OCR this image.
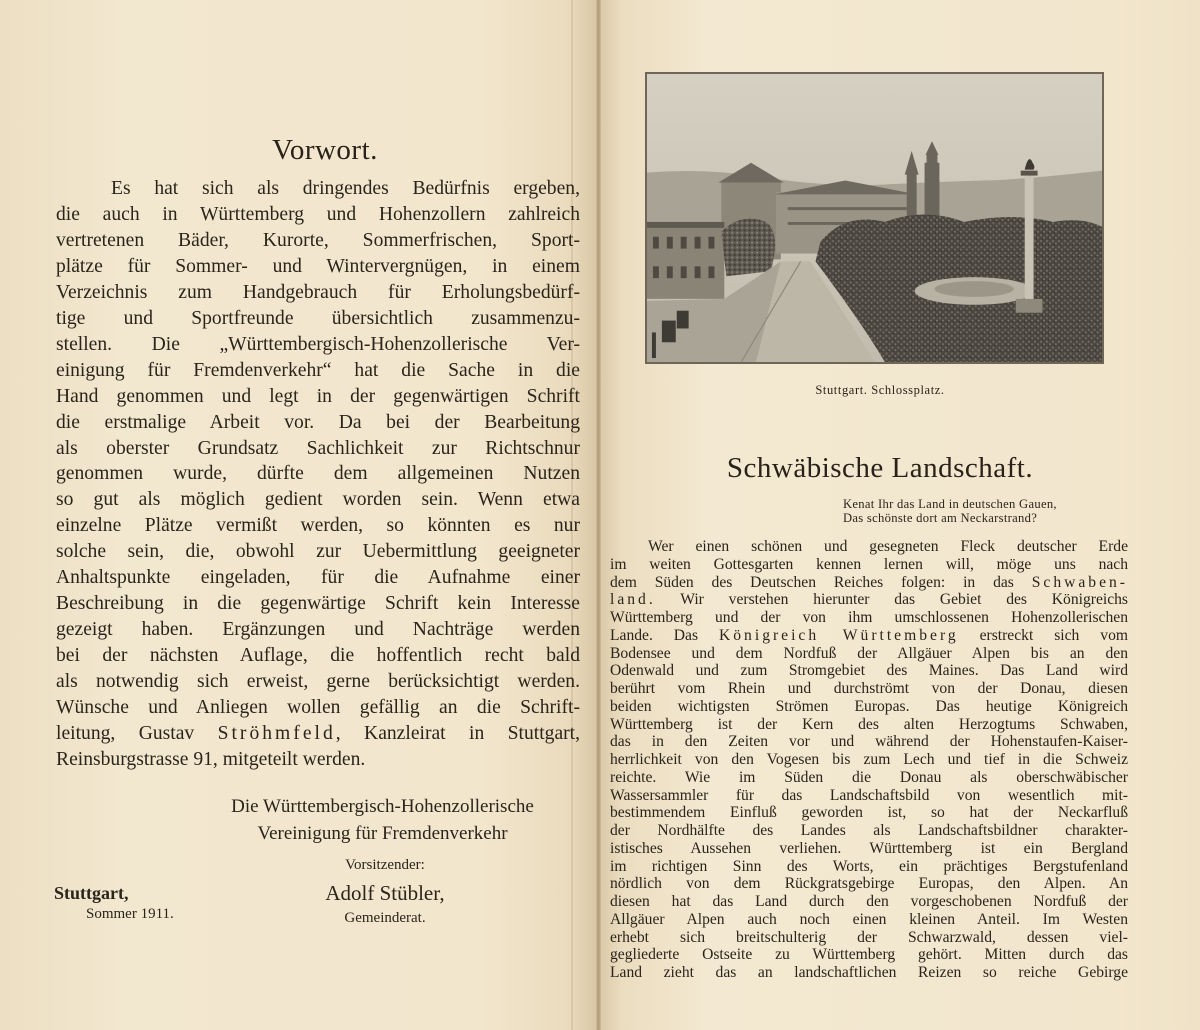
Vorwort.
Es hat sich als dringendes Bedürfnis ergeben,
die auch in Württemberg und Hohenzollern zahlreich
vertretenen Bäder, Kurorte, Sommerfrischen, Sport-
plätze für Sommer- und Wintervergnügen, in einem
Verzeichnis zum Handgebrauch für Erholungsbedürf-
tige und Sportfreunde übersichtlich zusammenzu-
stellen. Die „Württembergisch-Hohenzollerische Ver-
einigung für Fremdenverkehr“ hat die Sache in die
Hand genommen und legt in der gegenwärtigen Schrift
die erstmalige Arbeit vor. Da bei der Bearbeitung
als oberster Grundsatz Sachlichkeit zur Richtschnur
genommen wurde, dürfte dem allgemeinen Nutzen
so gut als möglich gedient worden sein. Wenn etwa
einzelne Plätze vermißt werden, so könnten es nur
solche sein, die, obwohl zur Uebermittlung geeigneter
Anhaltspunkte eingeladen, für die Aufnahme einer
Beschreibung in die gegenwärtige Schrift kein Interesse
gezeigt haben. Ergänzungen und Nachträge werden
bei der nächsten Auflage, die hoffentlich recht bald
als notwendig sich erweist, gerne berücksichtigt werden.
Wünsche und Anliegen wollen gefällig an die Schrift-
leitung, Gustav Ströhmfeld, Kanzleirat in Stuttgart,
Reinsburgstrasse 91, mitgeteilt werden.
Die Württembergisch-Hohenzollerische
Vereinigung für Fremdenverkehr
Vorsitzender:
Adolf Stübler,
Gemeinderat.
Stuttgart,
Sommer 1911.
Stuttgart. Schlossplatz.
Schwäbische Landschaft.
Kenat Ihr das Land in deutschen Gauen,
Das schönste dort am Neckarstrand?
Wer einen schönen und gesegneten Fleck deutscher Erde
im weiten Gottesgarten kennen lernen will, möge uns nach
dem Süden des Deutschen Reiches folgen: in das Schwaben-
land. Wir verstehen hierunter das Gebiet des Königreichs
Württemberg und der von ihm umschlossenen Hohenzollerischen
Lande. Das Königreich Württemberg erstreckt sich vom
Bodensee und dem Nordfuß der Allgäuer Alpen bis an den
Odenwald und zum Stromgebiet des Maines. Das Land wird
berührt vom Rhein und durchströmt von der Donau, diesen
beiden wichtigsten Strömen Europas. Das heutige Königreich
Württemberg ist der Kern des alten Herzogtums Schwaben,
das in den Zeiten vor und während der Hohenstaufen-Kaiser-
herrlichkeit von den Vogesen bis zum Lech und tief in die Schweiz
reichte. Wie im Süden die Donau als oberschwäbischer
Wassersammler für das Landschaftsbild von wesentlich mit-
bestimmendem Einfluß geworden ist, so hat der Neckarfluß
der Nordhälfte des Landes als Landschaftsbildner charakter-
istisches Aussehen verliehen. Württemberg ist ein Bergland
im richtigen Sinn des Worts, ein prächtiges Bergstufenland
nördlich von dem Rückgratsgebirge Europas, den Alpen. An
diesen hat das Land durch den vorgeschobenen Nordfuß der
Allgäuer Alpen auch noch einen kleinen Anteil. Im Westen
erhebt sich breitschulterig der Schwarzwald, dessen viel-
gegliederte Ostseite zu Württemberg gehört. Mitten durch das
Land zieht das an landschaftlichen Reizen so reiche Gebirge
